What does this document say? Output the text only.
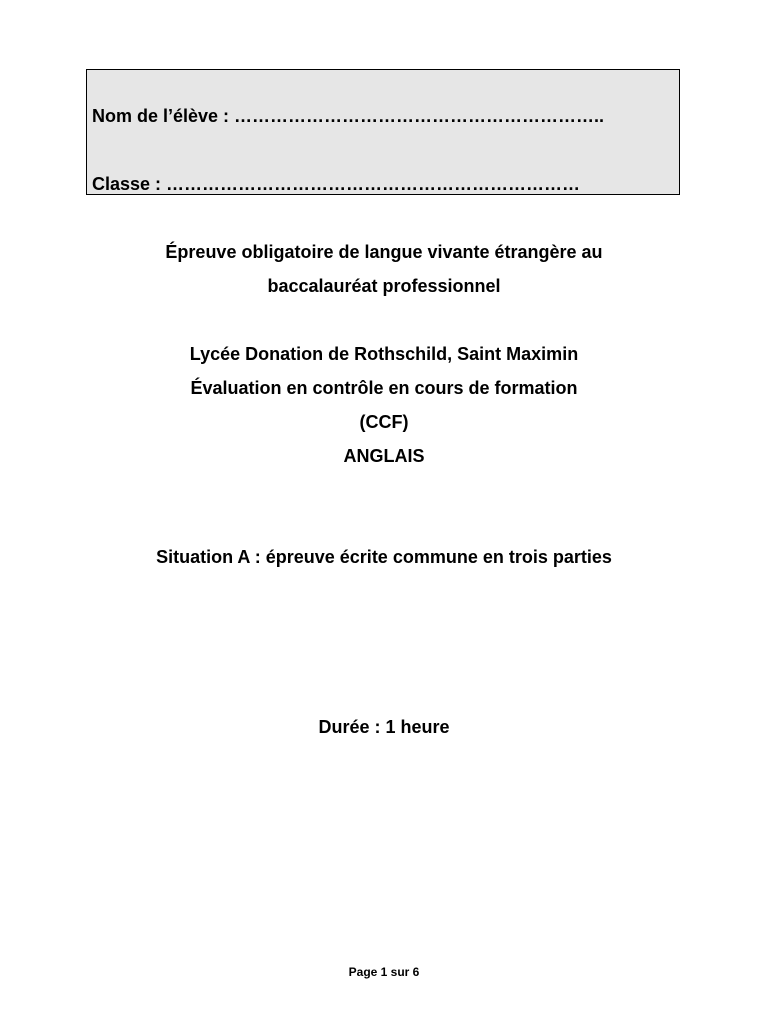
Nom de l’élève : ……………………………………………………..
Classe : ……………………………………………………………
Épreuve obligatoire de langue vivante étrangère au
baccalauréat professionnel
Lycée Donation de Rothschild, Saint Maximin
Évaluation en contrôle en cours de formation
(CCF)
ANGLAIS
Situation A : épreuve écrite commune en trois parties
Durée : 1 heure
Page 1 sur 6
